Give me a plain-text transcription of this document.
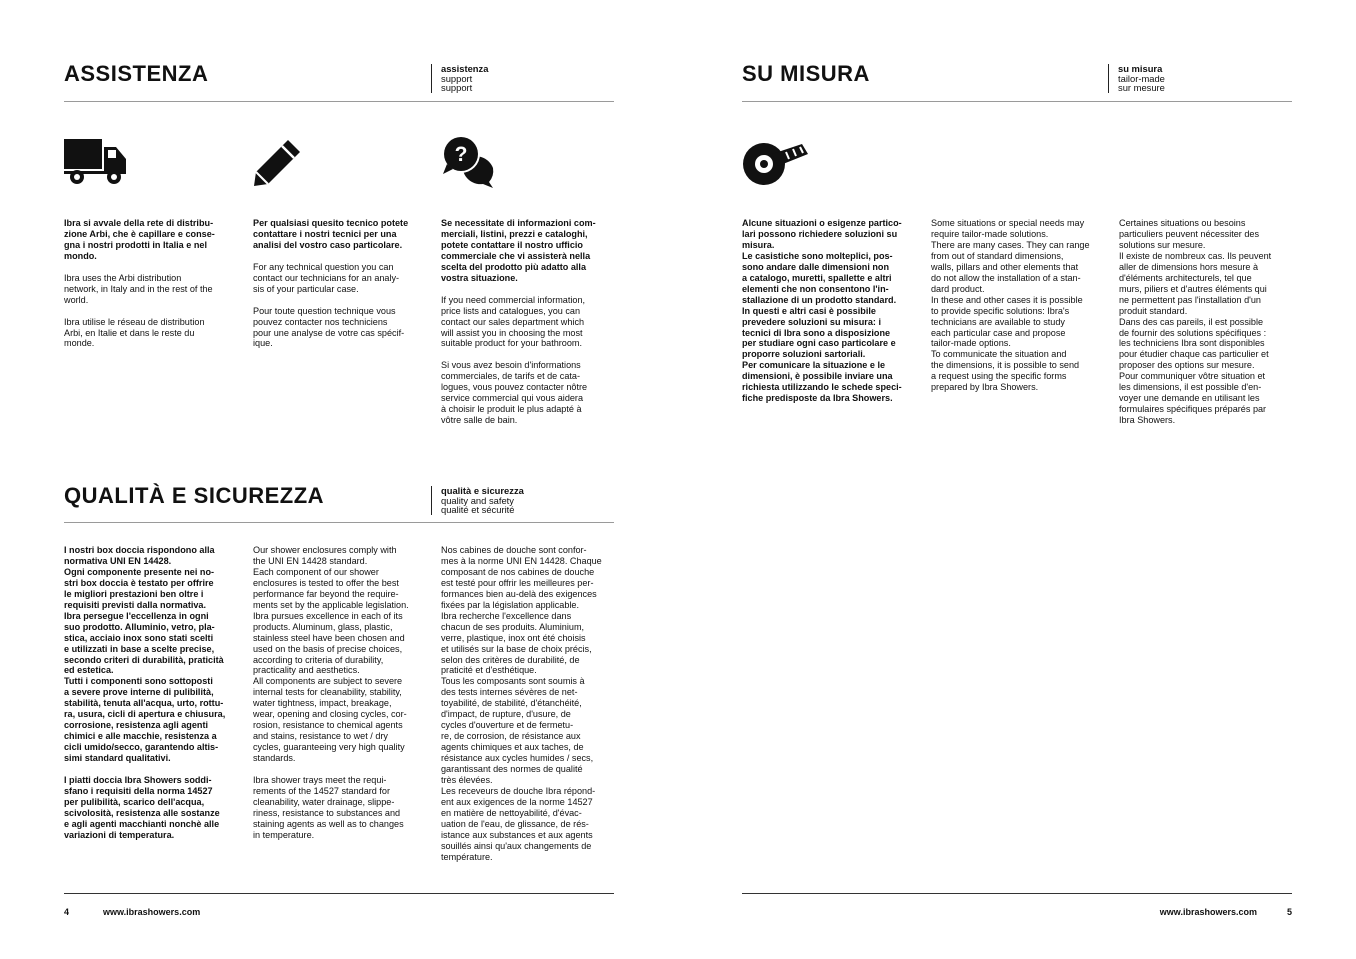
ASSISTENZA	assistenza
support
support
?

Ibra si avvale della rete di distribu-
zione Arbi, che è capillare e conse-
gna i nostri prodotti in Italia e nel
mondo.

Ibra uses the Arbi distribution
network, in Italy and in the rest of the
world.

Ibra utilise le réseau de distribution
Arbi, en Italie et dans le reste du
monde.

Per qualsiasi quesito tecnico potete
contattare i nostri tecnici per una
analisi del vostro caso particolare.

For any technical question you can
contact our technicians for an analy-
sis of your particular case.

Pour toute question technique vous
pouvez contacter nos techniciens
pour une analyse de votre cas spécif-
ique.

Se necessitate di informazioni com-
merciali, listini, prezzi e cataloghi,
potete contattare il nostro ufficio
commerciale che vi assisterà nella
scelta del prodotto più adatto alla
vostra situazione.

If you need commercial information,
price lists and catalogues, you can
contact our sales department which
will assist you in choosing the most
suitable product for your bathroom.

Si vous avez besoin d'informations
commerciales, de tarifs et de cata-
logues, vous pouvez contacter nôtre
service commercial qui vous aidera
à choisir le produit le plus adapté à
vôtre salle de bain.

QUALITÀ E SICUREZZA	qualità e sicurezza
quality and safety
qualité et sécurité

I nostri box doccia rispondono alla
normativa UNI EN 14428.
Ogni componente presente nei no-
stri box doccia è testato per offrire
le migliori prestazioni ben oltre i
requisiti previsti dalla normativa.
Ibra persegue l'eccellenza in ogni
suo prodotto. Alluminio, vetro, pla-
stica, acciaio inox sono stati scelti
e utilizzati in base a scelte precise,
secondo criteri di durabilità, praticità
ed estetica.
Tutti i componenti sono sottoposti
a severe prove interne di pulibilità,
stabilità, tenuta all'acqua, urto, rottu-
ra, usura, cicli di apertura e chiusura,
corrosione, resistenza agli agenti
chimici e alle macchie, resistenza a
cicli umido/secco, garantendo altis-
simi standard qualitativi.

I piatti doccia Ibra Showers soddi-
sfano i requisiti della norma 14527
per pulibilità, scarico dell'acqua,
scivolosità, resistenza alle sostanze
e agli agenti macchianti nonchè alle
variazioni di temperatura.

Our shower enclosures comply with
the UNI EN 14428 standard.
Each component of our shower
enclosures is tested to offer the best
performance far beyond the require-
ments set by the applicable legislation.
Ibra pursues excellence in each of its
products. Aluminum, glass, plastic,
stainless steel have been chosen and
used on the basis of precise choices,
according to criteria of durability,
practicality and aesthetics.
All components are subject to severe
internal tests for cleanability, stability,
water tightness, impact, breakage,
wear, opening and closing cycles, cor-
rosion, resistance to chemical agents
and stains, resistance to wet / dry
cycles, guaranteeing very high quality
standards.

Ibra shower trays meet the requi-
rements of the 14527 standard for
cleanability, water drainage, slippe-
riness, resistance to substances and
staining agents as well as to changes
in temperature.

Nos cabines de douche sont confor-
mes à la norme UNI EN 14428. Chaque
composant de nos cabines de douche
est testé pour offrir les meilleures per-
formances bien au-delà des exigences
fixées par la législation applicable.
Ibra recherche l'excellence dans
chacun de ses produits. Aluminium,
verre, plastique, inox ont été choisis
et utilisés sur la base de choix précis,
selon des critères de durabilité, de
praticité et d'esthétique.
Tous les composants sont soumis à
des tests internes sévères de net-
toyabilité, de stabilité, d'étanchéité,
d'impact, de rupture, d'usure, de
cycles d'ouverture et de fermetu-
re, de corrosion, de résistance aux
agents chimiques et aux taches, de
résistance aux cycles humides / secs,
garantissant des normes de qualité
très élevées.
Les receveurs de douche Ibra répond-
ent aux exigences de la norme 14527
en matière de nettoyabilité, d'évac-
uation de l'eau, de glissance, de rés-
istance aux substances et aux agents
souillés ainsi qu'aux changements de
température.

4	www.ibrashowers.com
SU MISURA	su misura
tailor-made
sur mesure

Alcune situazioni o esigenze partico-
lari possono richiedere soluzioni su
misura.
Le casistiche sono molteplici, pos-
sono andare dalle dimensioni non
a catalogo, muretti, spallette e altri
elementi che non consentono l'in-
stallazione di un prodotto standard.
In questi e altri casi è possibile
prevedere soluzioni su misura: i
tecnici di Ibra sono a disposizione
per studiare ogni caso particolare e
proporre soluzioni sartoriali.
Per comunicare la situazione e le
dimensioni, è possibile inviare una
richiesta utilizzando le schede speci-
fiche predisposte da Ibra Showers.

Some situations or special needs may
require tailor-made solutions.
There are many cases. They can range
from out of standard dimensions,
walls, pillars and other elements that
do not allow the installation of a stan-
dard product.
In these and other cases it is possible
to provide specific solutions: Ibra's
technicians are available to study
each particular case and propose
tailor-made options.
To communicate the situation and
the dimensions, it is possible to send
a request using the specific forms
prepared by Ibra Showers.

Certaines situations ou besoins
particuliers peuvent nécessiter des
solutions sur mesure.
Il existe de nombreux cas. Ils peuvent
aller de dimensions hors mesure à
d'éléments architecturels, tel que
murs, piliers et d'autres éléments qui
ne permettent pas l'installation d'un
produit standard.
Dans des cas pareils, il est possible
de fournir des solutions spécifiques :
les techniciens Ibra sont disponibles
pour étudier chaque cas particulier et
proposer des options sur mesure.
Pour communiquer vôtre situation et
les dimensions, il est possible d'en-
voyer une demande en utilisant les
formulaires spécifiques préparés par
Ibra Showers.

www.ibrashowers.com	5
